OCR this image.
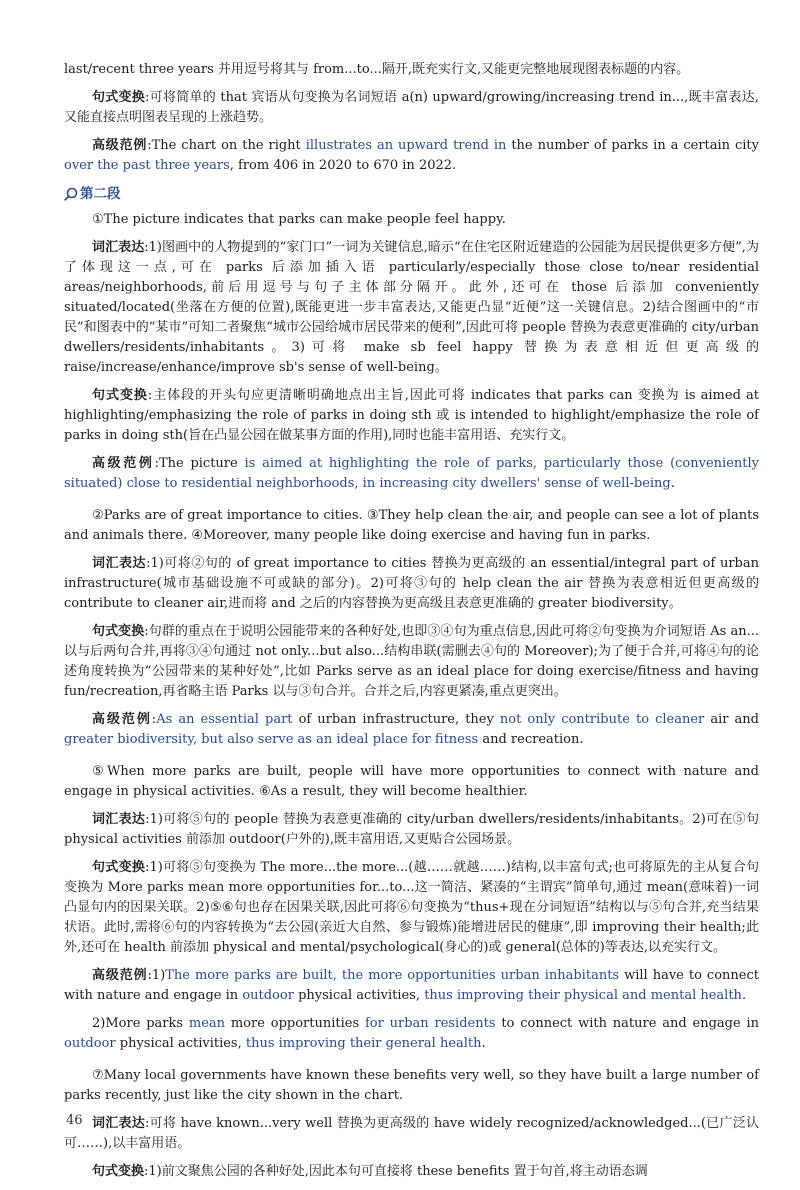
last/recent three years 并用逗号将其与 from...to...隔开,既充实行文,又能更完整地展现图表标题的内容。

句式变换:可将简单的 that 宾语从句变换为名词短语 a(n) upward/growing/increasing trend in...,既丰富表达,又能直接点明图表呈现的上涨趋势。

高级范例:The chart on the right illustrates an upward trend in the number of parks in a certain city over the past three years, from 406 in 2020 to 670 in 2022.

第二段

①The picture indicates that parks can make people feel happy.

词汇表达:1)图画中的人物提到的“家门口”一词为关键信息,暗示“在住宅区附近建造的公园能为居民提供更多方便”,为了体现这一点,可在 parks 后添加插入语 particularly/especially those close to/near residential areas/neighborhoods,前后用逗号与句子主体部分隔开。此外,还可在 those 后添加 conveniently situated/located(坐落在方便的位置),既能更进一步丰富表达,又能更凸显“近便”这一关键信息。2)结合图画中的“市民”和图表中的“某市”可知二者聚焦“城市公园给城市居民带来的便利”,因此可将 people 替换为表意更准确的 city/urban dwellers/residents/inhabitants。3)可将 make sb feel happy 替换为表意相近但更高级的 raise/increase/enhance/improve sb's sense of well-being。

句式变换:主体段的开头句应更清晰明确地点出主旨,因此可将 indicates that parks can 变换为 is aimed at highlighting/emphasizing the role of parks in doing sth 或 is intended to highlight/emphasize the role of parks in doing sth(旨在凸显公园在做某事方面的作用),同时也能丰富用语、充实行文。

高级范例:The picture is aimed at highlighting the role of parks, particularly those (conveniently situated) close to residential neighborhoods, in increasing city dwellers' sense of well-being.

②Parks are of great importance to cities. ③They help clean the air, and people can see a lot of plants and animals there. ④Moreover, many people like doing exercise and having fun in parks.

词汇表达:1)可将②句的 of great importance to cities 替换为更高级的 an essential/integral part of urban infrastructure(城市基础设施不可或缺的部分)。2)可将③句的 help clean the air 替换为表意相近但更高级的 contribute to cleaner air,进而将 and 之后的内容替换为更高级且表意更准确的 greater biodiversity。

句式变换:句群的重点在于说明公园能带来的各种好处,也即③④句为重点信息,因此可将②句变换为介词短语 As an...以与后两句合并,再将③④句通过 not only...but also...结构串联(需删去④句的 Moreover);为了便于合并,可将④句的论述角度转换为“公园带来的某种好处”,比如 Parks serve as an ideal place for doing exercise/fitness and having fun/recreation,再省略主语 Parks 以与③句合并。合并之后,内容更紧凑,重点更突出。

高级范例:As an essential part of urban infrastructure, they not only contribute to cleaner air and greater biodiversity, but also serve as an ideal place for fitness and recreation.

⑤When more parks are built, people will have more opportunities to connect with nature and engage in physical activities. ⑥As a result, they will become healthier.

词汇表达:1)可将⑤句的 people 替换为表意更准确的 city/urban dwellers/residents/inhabitants。2)可在⑤句 physical activities 前添加 outdoor(户外的),既丰富用语,又更贴合公园场景。

句式变换:1)可将⑤句变换为 The more...the more...(越……就越……)结构,以丰富句式;也可将原先的主从复合句变换为 More parks mean more opportunities for...to...这一简洁、紧凑的“主谓宾”简单句,通过 mean(意味着)一词凸显句内的因果关联。2)⑤⑥句也存在因果关联,因此可将⑥句变换为“thus+现在分词短语”结构以与⑤句合并,充当结果状语。此时,需将⑥句的内容转换为“去公园(亲近大自然、参与锻炼)能增进居民的健康”,即 improving their health;此外,还可在 health 前添加 physical and mental/psychological(身心的)或 general(总体的)等表达,以充实行文。

高级范例:1)The more parks are built, the more opportunities urban inhabitants will have to connect with nature and engage in outdoor physical activities, thus improving their physical and mental health.

2)More parks mean more opportunities for urban residents to connect with nature and engage in outdoor physical activities, thus improving their general health.

⑦Many local governments have known these benefits very well, so they have built a large number of parks recently, just like the city shown in the chart.

词汇表达:可将 have known...very well 替换为更高级的 have widely recognized/acknowledged...(已广泛认可……),以丰富用语。

句式变换:1)前文聚焦公园的各种好处,因此本句可直接将 these benefits 置于句首,将主动语态调

46
